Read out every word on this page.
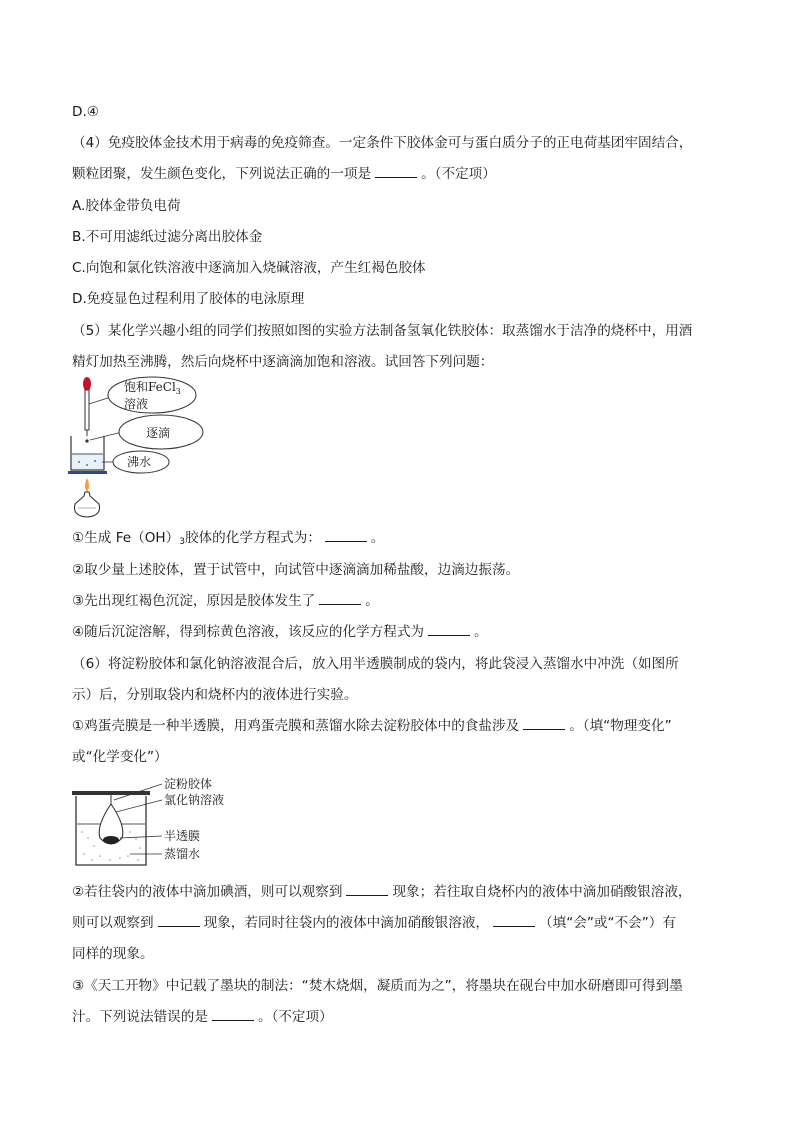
D.④
（4）免疫胶体金技术用于病毒的免疫筛查。一定条件下胶体金可与蛋白质分子的正电荷基团牢固结合，
颗粒团聚，发生颜色变化，下列说法正确的一项是	。（不定项）
A.胶体金带负电荷
B.不可用滤纸过滤分离出胶体金
C.向饱和氯化铁溶液中逐滴加入烧碱溶液，产生红褐色胶体
D.免疫显色过程利用了胶体的电泳原理
（5）某化学兴趣小组的同学们按照如图的实验方法制备氢氧化铁胶体：取蒸馏水于洁净的烧杯中，用酒
精灯加热至沸腾，然后向烧杯中逐滴滴加饱和溶液。试回答下列问题：
饱和FeCl$_3$
溶液
逐滴
沸水
①生成 $Fe(OH)_3$胶体的化学方程式为：	。
②取少量上述胶体，置于试管中，向试管中逐滴滴加稀盐酸，边滴边振荡。
③先出现红褐色沉淀，原因是胶体发生了	。
④随后沉淀溶解，得到棕黄色溶液，该反应的化学方程式为	。
（6）将淀粉胶体和氯化钠溶液混合后，放入用半透膜制成的袋内，将此袋浸入蒸馏水中冲洗（如图所
示）后，分别取袋内和烧杯内的液体进行实验。
①鸡蛋壳膜是一种半透膜，用鸡蛋壳膜和蒸馏水除去淀粉胶体中的食盐涉及	。（填“物理变化”
或“化学变化”）
淀粉胶体
氯化钠溶液
半透膜
蒸馏水
②若往袋内的液体中滴加碘酒，则可以观察到	现象；若往取自烧杯内的液体中滴加硝酸银溶液，
则可以观察到	现象，若同时往袋内的液体中滴加硝酸银溶液，	（填“会”或“不会”）有
同样的现象。
③《天工开物》中记载了墨块的制法：“焚木烧烟，凝质而为之”，将墨块在砚台中加水研磨即可得到墨
汁。下列说法错误的是	。（不定项）
